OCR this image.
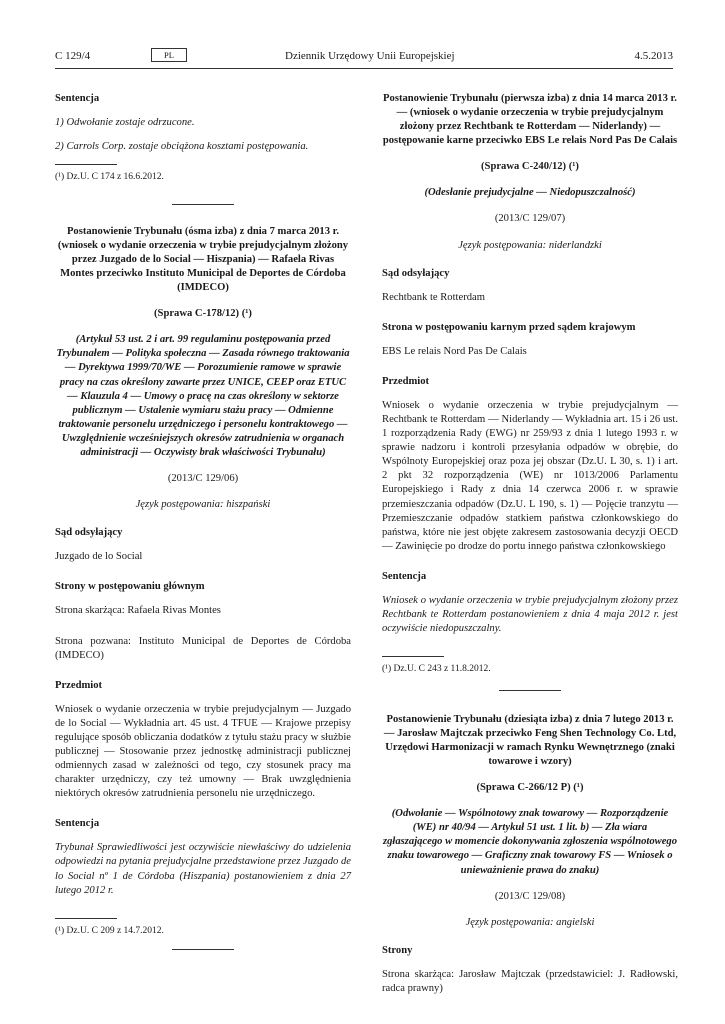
C 129/4	PL	Dziennik Urzędowy Unii Europejskiej	4.5.2013

Sentencja

1) Odwołanie zostaje odrzucone.

2) Carrols Corp. zostaje obciążona kosztami postępowania.

(¹) Dz.U. C 174 z 16.6.2012.

Postanowienie Trybunału (ósma izba) z dnia 7 marca 2013 r. (wniosek o wydanie orzeczenia w trybie prejudycjalnym złożony przez Juzgado de lo Social — Hiszpania) — Rafaela Rivas Montes przeciwko Instituto Municipal de Deportes de Córdoba (IMDECO)

(Sprawa C-178/12) (¹)

(Artykuł 53 ust. 2 i art. 99 regulaminu postępowania przed Trybunałem — Polityka społeczna — Zasada równego traktowania — Dyrektywa 1999/70/WE — Porozumienie ramowe w sprawie pracy na czas określony zawarte przez UNICE, CEEP oraz ETUC — Klauzula 4 — Umowy o pracę na czas określony w sektorze publicznym — Ustalenie wymiaru stażu pracy — Odmienne traktowanie personelu urzędniczego i personelu kontraktowego — Uwzględnienie wcześniejszych okresów zatrudnienia w organach administracji — Oczywisty brak właściwości Trybunału)

(2013/C 129/06)

Język postępowania: hiszpański

Sąd odsyłający

Juzgado de lo Social

Strony w postępowaniu głównym

Strona skarżąca: Rafaela Rivas Montes

Strona pozwana: Instituto Municipal de Deportes de Córdoba (IMDECO)

Przedmiot

Wniosek o wydanie orzeczenia w trybie prejudycjalnym — Juzgado de lo Social — Wykładnia art. 45 ust. 4 TFUE — Krajowe przepisy regulujące sposób obliczania dodatków z tytułu stażu pracy w służbie publicznej — Stosowanie przez jednostkę administracji publicznej odmiennych zasad w zależności od tego, czy stosunek pracy ma charakter urzędniczy, czy też umowny — Brak uwzględnienia niektórych okresów zatrudnienia personelu nie urzędniczego.

Sentencja

Trybunał Sprawiedliwości jest oczywiście niewłaściwy do udzielenia odpowiedzi na pytania prejudycjalne przedstawione przez Juzgado de lo Social nº 1 de Córdoba (Hiszpania) postanowieniem z dnia 27 lutego 2012 r.

(¹) Dz.U. C 209 z 14.7.2012.

Postanowienie Trybunału (pierwsza izba) z dnia 14 marca 2013 r. — (wniosek o wydanie orzeczenia w trybie prejudycjalnym złożony przez Rechtbank te Rotterdam — Niderlandy) — postępowanie karne przeciwko EBS Le relais Nord Pas De Calais

(Sprawa C-240/12) (¹)

(Odesłanie prejudycjalne — Niedopuszczalność)

(2013/C 129/07)

Język postępowania: niderlandzki

Sąd odsyłający

Rechtbank te Rotterdam

Strona w postępowaniu karnym przed sądem krajowym

EBS Le relais Nord Pas De Calais

Przedmiot

Wniosek o wydanie orzeczenia w trybie prejudycjalnym — Rechtbank te Rotterdam — Niderlandy — Wykładnia art. 15 i 26 ust. 1 rozporządzenia Rady (EWG) nr 259/93 z dnia 1 lutego 1993 r. w sprawie nadzoru i kontroli przesyłania odpadów w obrębie, do Wspólnoty Europejskiej oraz poza jej obszar (Dz.U. L 30, s. 1) i art. 2 pkt 32 rozporządzenia (WE) nr 1013/2006 Parlamentu Europejskiego i Rady z dnia 14 czerwca 2006 r. w sprawie przemieszczania odpadów (Dz.U. L 190, s. 1) — Pojęcie tranzytu — Przemieszczanie odpadów statkiem państwa członkowskiego do państwa, które nie jest objęte zakresem zastosowania decyzji OECD — Zawinięcie po drodze do portu innego państwa członkowskiego

Sentencja

Wniosek o wydanie orzeczenia w trybie prejudycjalnym złożony przez Rechtbank te Rotterdam postanowieniem z dnia 4 maja 2012 r. jest oczywiście niedopuszczalny.

(¹) Dz.U. C 243 z 11.8.2012.

Postanowienie Trybunału (dziesiąta izba) z dnia 7 lutego 2013 r. — Jarosław Majtczak przeciwko Feng Shen Technology Co. Ltd, Urzędowi Harmonizacji w ramach Rynku Wewnętrznego (znaki towarowe i wzory)

(Sprawa C-266/12 P) (¹)

(Odwołanie — Wspólnotowy znak towarowy — Rozporządzenie (WE) nr 40/94 — Artykuł 51 ust. 1 lit. b) — Zła wiara zgłaszającego w momencie dokonywania zgłoszenia wspólnotowego znaku towarowego — Graficzny znak towarowy FS — Wniosek o unieważnienie prawa do znaku)

(2013/C 129/08)

Język postępowania: angielski

Strony

Strona skarżąca: Jarosław Majtczak (przedstawiciel: J. Radłowski, radca prawny)
